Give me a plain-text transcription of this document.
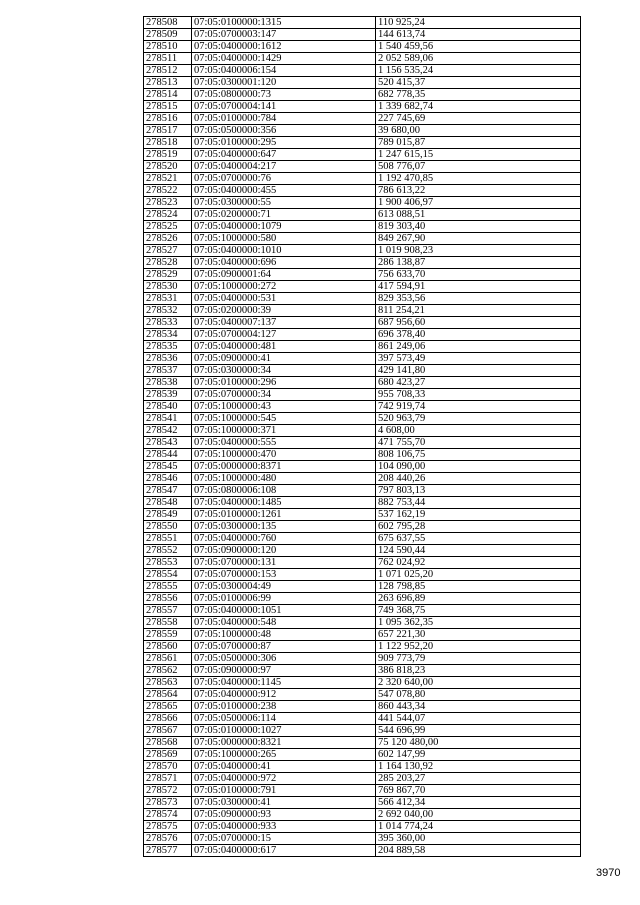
278508	07:05:0100000:1315	110 925,24
278509	07:05:0700003:147	144 613,74
278510	07:05:0400000:1612	1 540 459,56
278511	07:05:0400000:1429	2 052 589,06
278512	07:05:0400006:154	1 156 535,24
278513	07:05:0300001:120	520 415,37
278514	07:05:0800000:73	682 778,35
278515	07:05:0700004:141	1 339 682,74
278516	07:05:0100000:784	227 745,69
278517	07:05:0500000:356	39 680,00
278518	07:05:0100000:295	789 015,87
278519	07:05:0400000:647	1 247 615,15
278520	07:05:0400004:217	508 776,07
278521	07:05:0700000:76	1 192 470,85
278522	07:05:0400000:455	786 613,22
278523	07:05:0300000:55	1 900 406,97
278524	07:05:0200000:71	613 088,51
278525	07:05:0400000:1079	819 303,40
278526	07:05:1000000:580	849 267,90
278527	07:05:0400000:1010	1 019 908,23
278528	07:05:0400000:696	286 138,87
278529	07:05:0900001:64	756 633,70
278530	07:05:1000000:272	417 594,91
278531	07:05:0400000:531	829 353,56
278532	07:05:0200000:39	811 254,21
278533	07:05:0400007:137	687 956,60
278534	07:05:0700004:127	696 378,40
278535	07:05:0400000:481	861 249,06
278536	07:05:0900000:41	397 573,49
278537	07:05:0300000:34	429 141,80
278538	07:05:0100000:296	680 423,27
278539	07:05:0700000:34	955 708,33
278540	07:05:1000000:43	742 919,74
278541	07:05:1000000:545	520 963,79
278542	07:05:1000000:371	4 608,00
278543	07:05:0400000:555	471 755,70
278544	07:05:1000000:470	808 106,75
278545	07:05:0000000:8371	104 090,00
278546	07:05:1000000:480	208 440,26
278547	07:05:0800006:108	797 803,13
278548	07:05:0400000:1485	882 753,44
278549	07:05:0100000:1261	537 162,19
278550	07:05:0300000:135	602 795,28
278551	07:05:0400000:760	675 637,55
278552	07:05:0900000:120	124 590,44
278553	07:05:0700000:131	762 024,92
278554	07:05:0700000:153	1 071 025,20
278555	07:05:0300004:49	128 798,85
278556	07:05:0100006:99	263 696,89
278557	07:05:0400000:1051	749 368,75
278558	07:05:0400000:548	1 095 362,35
278559	07:05:1000000:48	657 221,30
278560	07:05:0700000:87	1 122 952,20
278561	07:05:0500000:306	909 773,79
278562	07:05:0900000:97	386 818,23
278563	07:05:0400000:1145	2 320 640,00
278564	07:05:0400000:912	547 078,80
278565	07:05:0100000:238	860 443,34
278566	07:05:0500006:114	441 544,07
278567	07:05:0100000:1027	544 696,99
278568	07:05:0000000:8321	75 120 480,00
278569	07:05:1000000:265	602 147,99
278570	07:05:0400000:41	1 164 130,92
278571	07:05:0400000:972	285 203,27
278572	07:05:0100000:791	769 867,70
278573	07:05:0300000:41	566 412,34
278574	07:05:0900000:93	2 692 040,00
278575	07:05:0400000:933	1 014 774,24
278576	07:05:0700000:15	395 360,00
278577	07:05:0400000:617	204 889,58
3970
